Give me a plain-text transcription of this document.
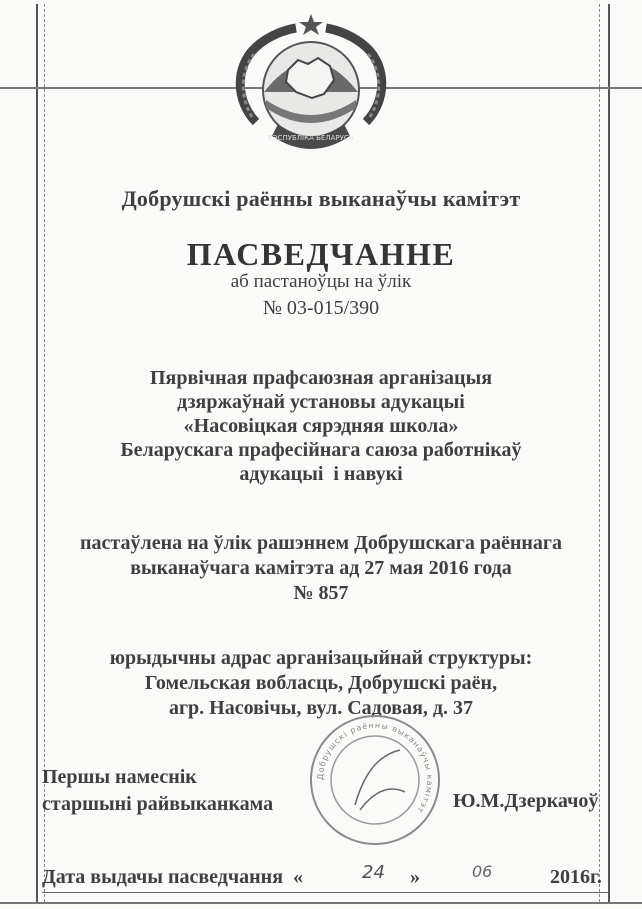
РЭСПУБЛІКА БЕЛАРУСЬ
Добрушскі раённы выканаўчы камітэт
ПАСВЕДЧАННЕ
аб пастаноўцы на ўлік
№ 03-015/390
Пярвічная прафсаюзная арганізацыя
дзяржаўнай установы адукацыі
«Насовіцкая сярэдняя школа»
Беларускага прафесійнага саюза работнікаў
адукацыі  і навукі
пастаўлена на ўлік рашэннем Добрушскага раённага
выканаўчага камітэта ад 27 мая 2016 года
№ 857
юрыдычны адрас арганізацыйнай структуры:
Гомельская вобласць, Добрушскі раён,
агр. Насовічы, вул. Садовая, д. 37
Добрушскі раённы выканаўчы камітэт
Першы намеснік
старшыні райвыканкама	Ю.М.Дзеркачоў
Дата выдачы пасведчання  «	24 »	06	2016г.
